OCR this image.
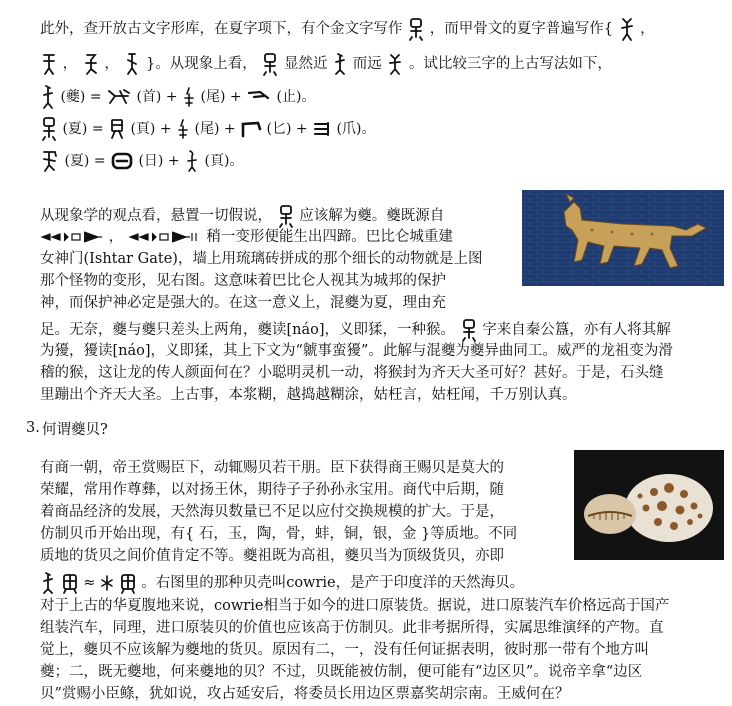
此外，查开放古文字形库，在夏字项下，有个金文字写作 ，而甲骨文的夏字普遍写作{ ，
， ， }。从现象上看， 显然近 而远 。试比较三字的上古写法如下，
(夔) = (首) + (尾) + (止)。
(夏) = (頁) + (尾) + (匕) + (爪)。
(夏) = (日) + (頁)。
从现象学的观点看，悬置一切假说， 应该解为夔。夔既源自
，	稍一变形便能生出四蹄。巴比仑城重建
女神门(Ishtar Gate)，墙上用琉璃砖拼成的那个细长的动物就是上图
那个怪物的变形，见右图。这意味着巴比仑人视其为城邦的保护
神，而保护神必定是强大的。在这一意义上，混夔为夏，理由充
足。无奈，夔与夔只差头上两角，夔读[náo]，义即猱，一种猴。 字来自秦公簋，亦有人将其解
为獶，獶读[náo]，义即猱，其上下文为“虩事蛮獶”。此解与混夔为夔异曲同工。威严的龙祖变为滑
稽的猴，这让龙的传人颜面何在？小聪明灵机一动，将猴封为齐天大圣可好？甚好。于是，石头缝
里蹦出个齐天大圣。上古事，本浆糊，越捣越糊涂，姑枉言，姑枉闻，千万别认真。
3. 何谓夔贝?
有商一朝，帝王赏赐臣下，动辄赐贝若干朋。臣下获得商王赐贝是莫大的
荣耀，常用作尊彝，以对扬王休，期待子子孙孙永宝用。商代中后期，随
着商品经济的发展，天然海贝数量已不足以应付交换规模的扩大。于是，
仿制贝币开始出现，有{ 石，玉，陶，骨，蚌，铜，银，金 }等质地。不同
质地的货贝之间价值肯定不等。夔祖既为高祖，夔贝当为顶级货贝，亦即

≈
	。右图里的那种贝壳叫cowrie，是产于印度洋的天然海贝。
对于上古的华夏腹地来说，cowrie相当于如今的进口原装货。据说，进口原装汽车价格远高于国产
组装汽车，同理，进口原装贝的价值也应该高于仿制贝。此非考据所得，实属思维演绎的产物。直
觉上，夔贝不应该解为夔地的货贝。原因有二，一，没有任何证据表明，彼时那一带有个地方叫
夔；二，既无夔地，何来夔地的贝？不过，贝既能被仿制，便可能有“边区贝”。说帝辛拿“边区
贝”赏赐小臣鲦，犹如说，攻占延安后，将委员长用边区票嘉奖胡宗南。王威何在？
